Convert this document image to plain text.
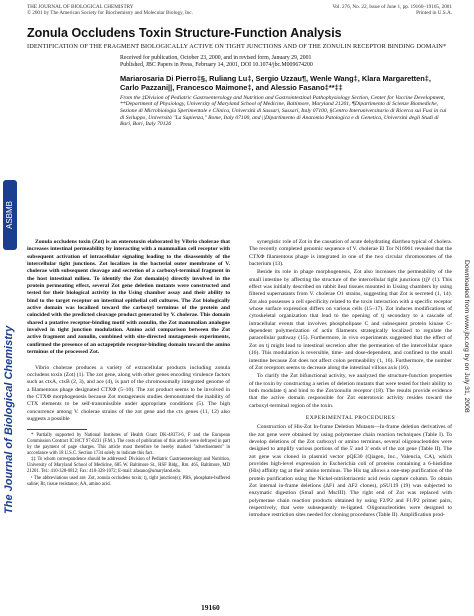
ASBMB
The Journal of Biological Chemistry	Downloaded from www.jbc.org by on July 31, 2008
THE JOURNAL OF BIOLOGICAL CHEMISTRY
© 2001 by The American Society for Biochemistry and Molecular Biology, Inc.
Vol. 276, No. 22, Issue of June 1, pp. 19160–19165, 2001
Printed in U.S.A.
Zonula Occludens Toxin Structure-Function Analysis
IDENTIFICATION OF THE FRAGMENT BIOLOGICALLY ACTIVE ON TIGHT JUNCTIONS AND OF THE ZONULIN RECEPTOR BINDING DOMAIN*
Received for publication, October 23, 2000, and in revised form, January 29, 2001
Published, JBC Papers in Press, February 14, 2001, DOI 10.1074/jbc.M009674200
Mariarosaria Di Pierro‡§, Ruliang Lu‡, Sergio Uzzau¶, Wenle Wang‡, Klara Margaretten‡,
Carlo Pazzani||, Francesco Maimone‡, and Alessio Fasano‡**‡‡
From the ‡Division of Pediatric Gastroenterology and Nutrition and Gastrointestinal Pathophysiology Section, Center for Vaccine Development, **Department of Physiology, University of Maryland School of Medicine, Baltimore, Maryland 21201, ¶Dipartimento di Scienze Biomediche, Sezione di Microbiologia Sperimentale e Clinica, Università di Sassari, Sassari, Italy 07100, §Centro Interuniversitario di Ricerca sui Fusi in cui di Sviluppo, Università "La Sapienza," Rome, Italy 07100, and ||Dipartimento di Anatomia Patologica e di Genetica, Università degli Studi di Bari, Bari, Italy 70126

Zonula occludens toxin (Zot) is an enterotoxin elaborated by Vibrio cholerae that increases intestinal permeability by interacting with a mammalian cell receptor with subsequent activation of intracellular signaling leading to the disassembly of the intercellular tight junctions. Zot localizes in the bacterial outer membrane of V. cholerae with subsequent cleavage and secretion of a carboxyl-terminal fragment in the host intestinal milieu. To identify the Zot domain(s) directly involved in the protein permeating effect, several Zot gene deletion mutants were constructed and tested for their biological activity in the Using chamber assay and their ability to bind to the target receptor on intestinal epithelial cell cultures. The Zot biologically active domain was localized toward the carboxyl terminus of the protein and coincided with the predicted cleavage product generated by V. cholerae. This domain shared a putative receptor-binding motif with zonulin, the Zot mammalian analogue involved in tight junction modulation. Amino acid comparison between the Zot active fragment and zonulin, combined with site-directed mutagenesis experiments, confirmed the presence of an octapeptide receptor-binding domain toward the amino terminus of the processed Zot.

Vibrio cholerae produces a variety of extracellular products including zonula occludens toxin (Zot) (1). The zot gene, along with other genes encoding virulence factors such as ctxA, ctxB (2, 3), and ace (4), is part of the chromosomally integrated genome of a filamentous phage designated CTXΦ (5–10). The zot product seems to be involved in the CTXΦ morphogenesis because Zot mutagenesis studies demonstrated the inability of CTX elements to be self-transmissible under appropriate conditions (5). The high concurrence among V. cholerae strains of the zot gene and the ctx genes (11, 12) also suggests a possible

* Partially supported by National Institutes of Health Grant DK-48373-6, F and the European Commission Contract IC18CT 97-0231 (F.M.). The costs of publication of this article were defrayed in part by the payment of page charges. This article must therefore be hereby marked "advertisement" in accordance with 18 U.S.C. Section 1734 solely to indicate this fact.

‡‡ To whom correspondence should be addressed: Division of Pediatric Gastroenterology and Nutrition, University of Maryland School of Medicine, 685 W. Baltimore St., HSF Bldg., Rm. 465, Baltimore, MD 21201. Tel.: 410-328-0812; Fax: 410-328-1072; E-mail: afasano@umaryland.edu.

¹ The abbreviations used are: Zot, zonula occludens toxin; tj, tight junction(s); PBS, phosphate-buffered saline; Rt, tissue resistance; AA, amino acid.

synergistic role of Zot in the causation of acute dehydrating diarrhea typical of cholera. The recently completed genomic sequence of V. cholerae El Tor N16961 revealed that the CTXΦ filamentous phage is integrated in one of the two circular chromosomes of the bacterium (13).

Beside its role in phage morphogenesis, Zot also increases the permeability of the small intestine by affecting the structure of the intercellular tight junctions (tj)¹ (1). This effect was initially described on rabbit ileal tissues mounted in Ussing chambers by using filtered supernatants from V. cholerae O1 strains, suggesting that Zot is secreted (1, 14). Zot also possesses a cell specificity related to the toxin interaction with a specific receptor whose surface expression differs on various cells (15–17). Zot induces modifications of cytoskeletal organization that lead to the opening of tj secondary to a cascade of intracellular events that involves phospholipase C and subsequent protein kinase C-dependent polymerization of actin filaments strategically localized to regulate the paracellular pathway (15). Furthermore, in vivo experiments suggested that the effect of Zot on tj might lead to intestinal secretion after the permeation of the intercellular space (16). This modulation is reversible, time- and dose-dependent, and confined to the small intestine because Zot does not affect colon permeability (1, 16). Furthermore, the number of Zot receptors seems to decrease along the intestinal villous axis (16).

To clarify the Zot bifunctional activity, we analyzed the structure-function properties of the toxin by constructing a series of deletion mutants that were tested for their ability to both modulate tj and bind to the Zot/zonulin receptor (18). The results provide evidence that the active domain responsible for Zot enterotoxic activity resides toward the carboxyl-terminal region of the toxin.

EXPERIMENTAL PROCEDURES

Construction of His-Zot In-frame Deletion Mutants—In-frame deletion derivatives of the zot gene were obtained by using polymerase chain reaction techniques (Table I). To develop deletions of the Zot carboxyl or amino terminus, several oligonucleotides were designed to amplify various portions of the 5' and 3' ends of the zot gene (Table II). The zot gene was cloned in plasmid vector pQE30 (Qiagen, Inc., Valencia, CA), which provides high-level expression in Escherichia coli of proteins containing a 6-histidine (His) affinity tag at their amino terminus. The His tag allows a one-step purification of the protein purification using the Nickel-nitrilotriacetic acid resin capture column. To obtain Zot internal in-frame deletions (ΔF1 and ΔF2 clones), pSU119 (19) was subjected to enzymatic digestion (SmaI and MscIII). The right end of Zot was replaced with polymerase chain reaction products obtained by using F2/P2 and F1/P2 primer pairs, respectively, that were subsequently re-ligated. Oligonucleotides were designed to introduce restriction sites needed for cloning procedures (Table II). Amplification prod-

19160
